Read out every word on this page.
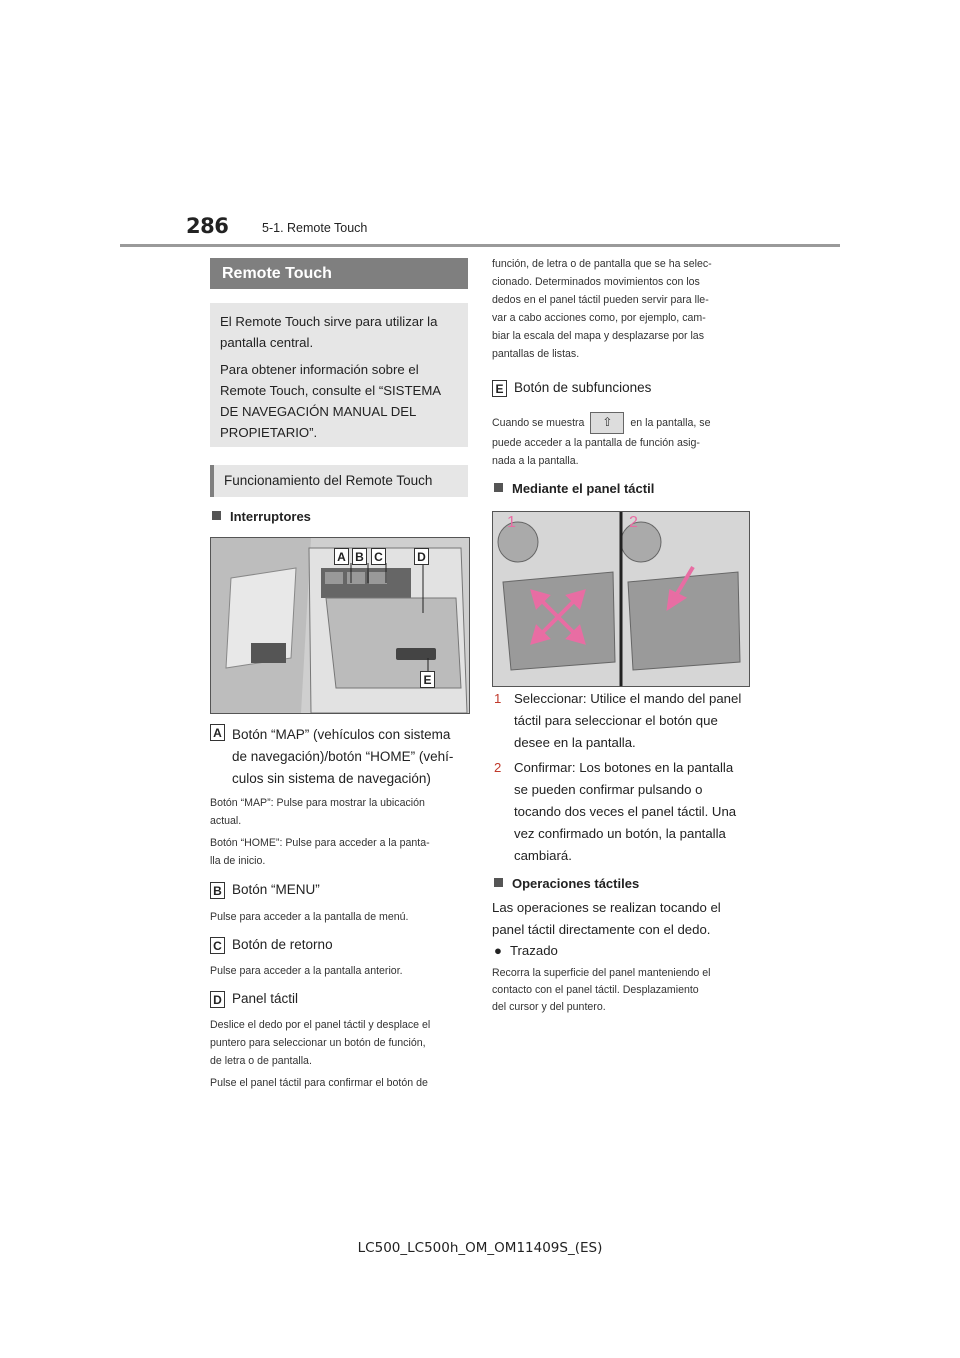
286	5-1. Remote Touch
Remote Touch

El Remote Touch sirve para utilizar la pantalla central.

Para obtener información sobre el Remote Touch, consulte el “SISTEMA DE NAVEGACIÓN MANUAL DEL PROPIETARIO”.

Funcionamiento del Remote Touch
Interruptores
A B C	D
E
A Botón “MAP” (vehículos con sistema
de navegación)/botón “HOME” (vehí-
culos sin sistema de navegación)
Botón “MAP”: Pulse para mostrar la ubicación
actual.
Botón “HOME”: Pulse para acceder a la panta-
lla de inicio.
B Botón “MENU”
Pulse para acceder a la pantalla de menú.
C Botón de retorno
Pulse para acceder a la pantalla anterior.
D Panel táctil
Deslice el dedo por el panel táctil y desplace el
puntero para seleccionar un botón de función,
de letra o de pantalla.
Pulse el panel táctil para confirmar el botón de
función, de letra o de pantalla que se ha selec-
cionado. Determinados movimientos con los
dedos en el panel táctil pueden servir para lle-
var a cabo acciones como, por ejemplo, cam-
biar la escala del mapa y desplazarse por las
pantallas de listas.
E Botón de subfunciones
Cuando se muestra ⇧ en la pantalla, se
puede acceder a la pantalla de función asig-
nada a la pantalla.
Mediante el panel táctil
1	2
1 Seleccionar: Utilice el mando del panel
táctil para seleccionar el botón que
desee en la pantalla.
2 Confirmar: Los botones en la pantalla
se pueden confirmar pulsando o
tocando dos veces el panel táctil. Una
vez confirmado un botón, la pantalla
cambiará.
Operaciones táctiles
Las operaciones se realizan tocando el
panel táctil directamente con el dedo.
● Trazado
Recorra la superficie del panel manteniendo el
contacto con el panel táctil. Desplazamiento
del cursor y del puntero.
LC500_LC500h_OM_OM11409S_(ES)
